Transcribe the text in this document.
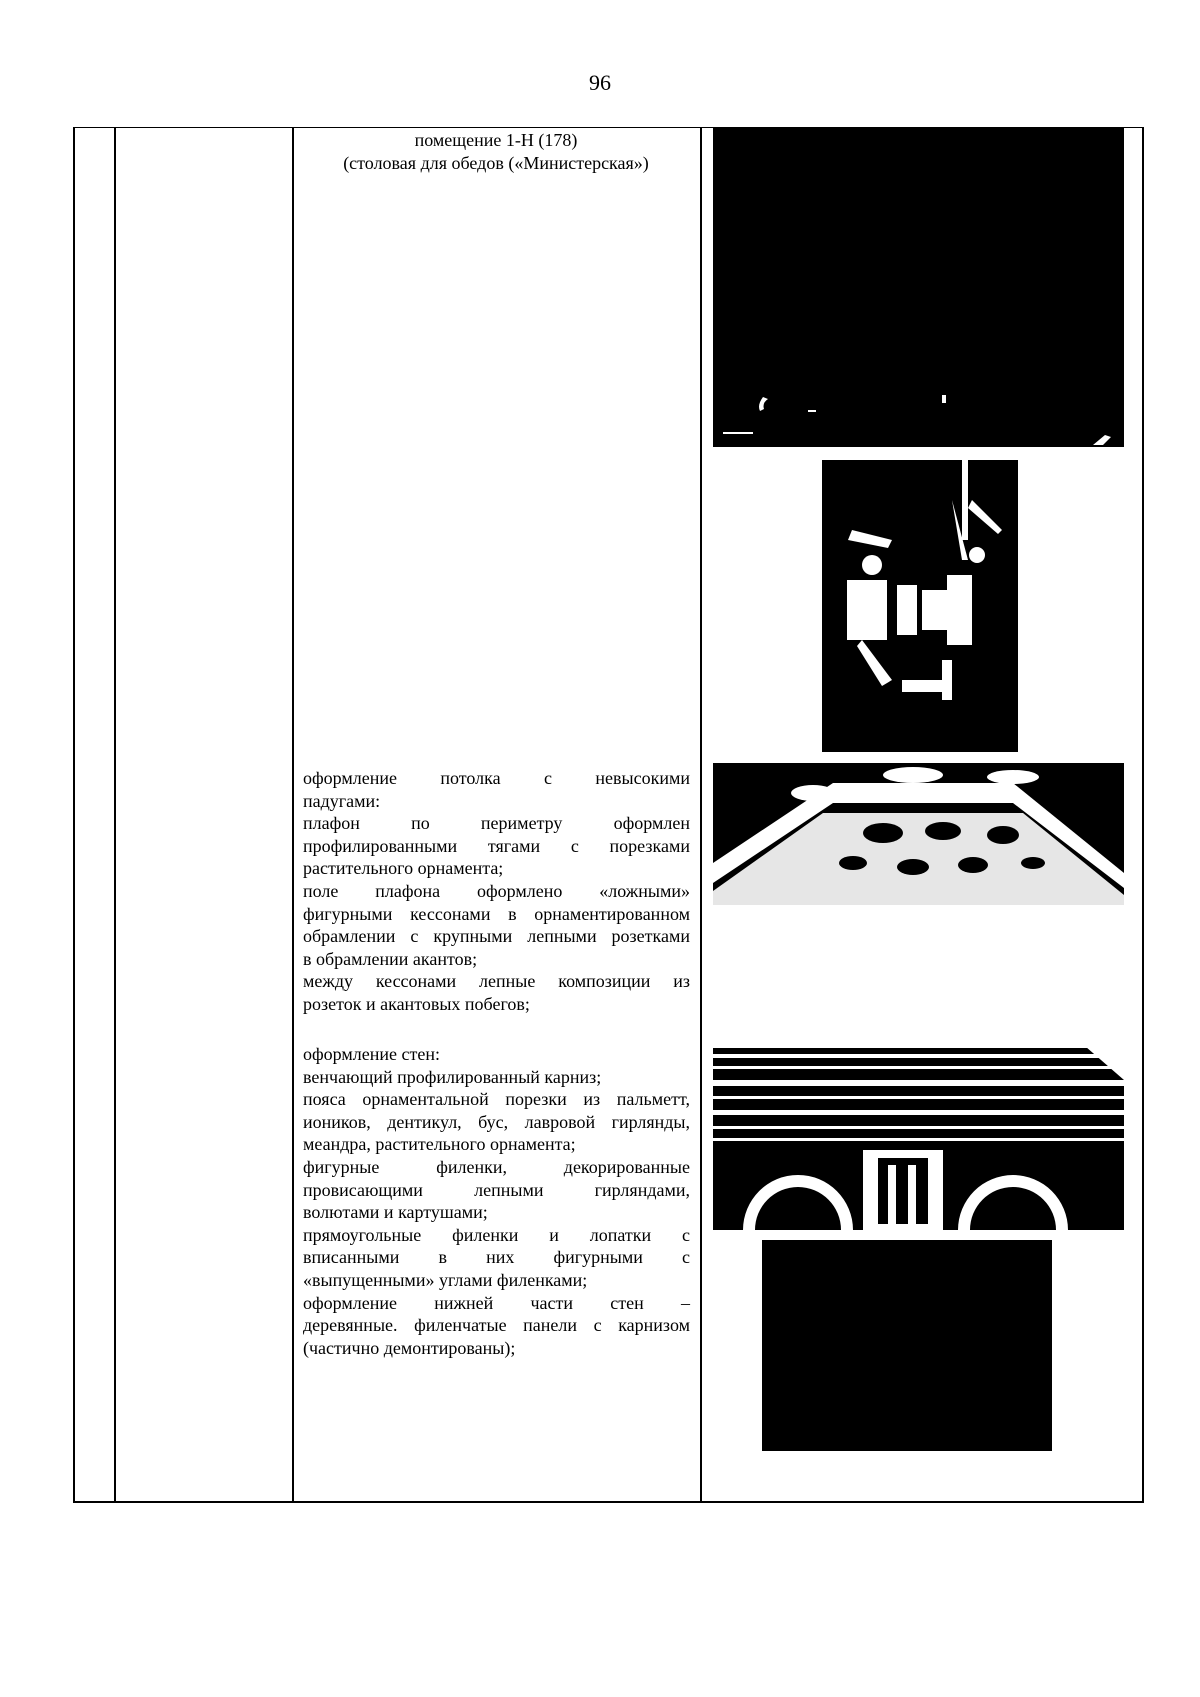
96
помещение 1-Н (178)
(столовая для обедов («Министерская»)

оформление потолка с невысокими

падугами:

плафон по периметру оформлен

профилированными тягами с порезками

растительного орнамента;

поле плафона оформлено «ложными»

фигурными кессонами в орнаментированном

обрамлении с крупными лепными розетками

в обрамлении акантов;

между кессонами лепные композиции из

розеток и акантовых побегов;

оформление стен:

венчающий профилированный карниз;

пояса орнаментальной порезки из пальметт,

иоников, дентикул, бус, лавровой гирлянды,

меандра, растительного орнамента;

фигурные филенки, декорированные

провисающими лепными гирляндами,

волютами и картушами;

прямоугольные филенки и лопатки с

вписанными в них фигурными с

«выпущенными» углами филенками;

оформление нижней части стен –

деревянные. филенчатые панели с карнизом

(частично демонтированы);
